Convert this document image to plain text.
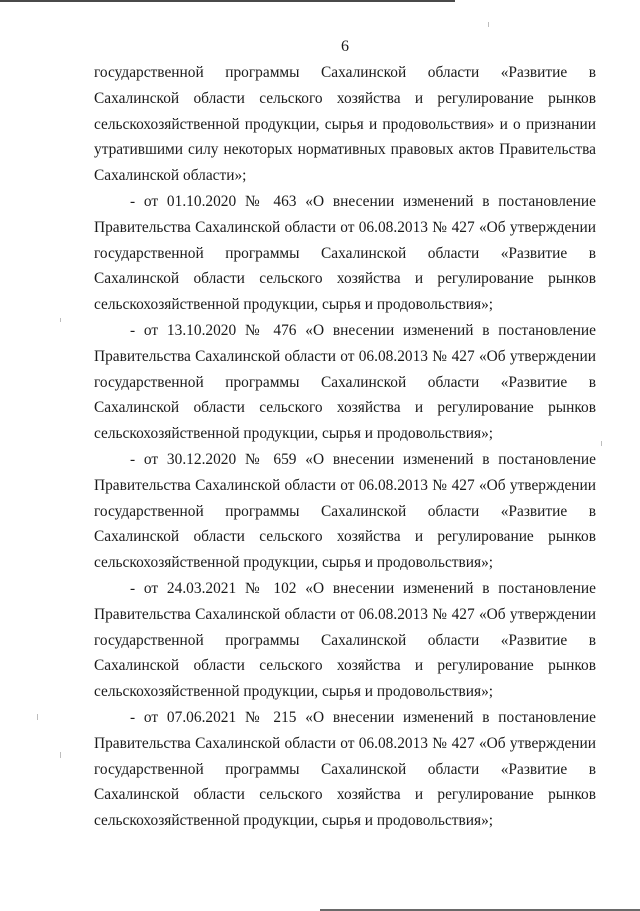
6

государственной программы Сахалинской области «Развитие в Сахалинской области сельского хозяйства и регулирование рынков сельскохозяйственной продукции, сырья и продовольствия» и о признании утратившими силу некоторых нормативных правовых актов Правительства Сахалинской области»;

- от 01.10.2020 № 463 «О внесении изменений в постановление Правительства Сахалинской области от 06.08.2013 № 427 «Об утверждении государственной программы Сахалинской области «Развитие в Сахалинской области сельского хозяйства и регулирование рынков сельскохозяйственной продукции, сырья и продовольствия»;

- от 13.10.2020 № 476 «О внесении изменений в постановление Правительства Сахалинской области от 06.08.2013 № 427 «Об утверждении государственной программы Сахалинской области «Развитие в Сахалинской области сельского хозяйства и регулирование рынков сельскохозяйственной продукции, сырья и продовольствия»;

- от 30.12.2020 № 659 «О внесении изменений в постановление Правительства Сахалинской области от 06.08.2013 № 427 «Об утверждении государственной программы Сахалинской области «Развитие в Сахалинской области сельского хозяйства и регулирование рынков сельскохозяйственной продукции, сырья и продовольствия»;

- от 24.03.2021 № 102 «О внесении изменений в постановление Правительства Сахалинской области от 06.08.2013 № 427 «Об утверждении государственной программы Сахалинской области «Развитие в Сахалинской области сельского хозяйства и регулирование рынков сельскохозяйственной продукции, сырья и продовольствия»;

- от 07.06.2021 № 215 «О внесении изменений в постановление Правительства Сахалинской области от 06.08.2013 № 427 «Об утверждении государственной программы Сахалинской области «Развитие в Сахалинской области сельского хозяйства и регулирование рынков сельскохозяйственной продукции, сырья и продовольствия»;
